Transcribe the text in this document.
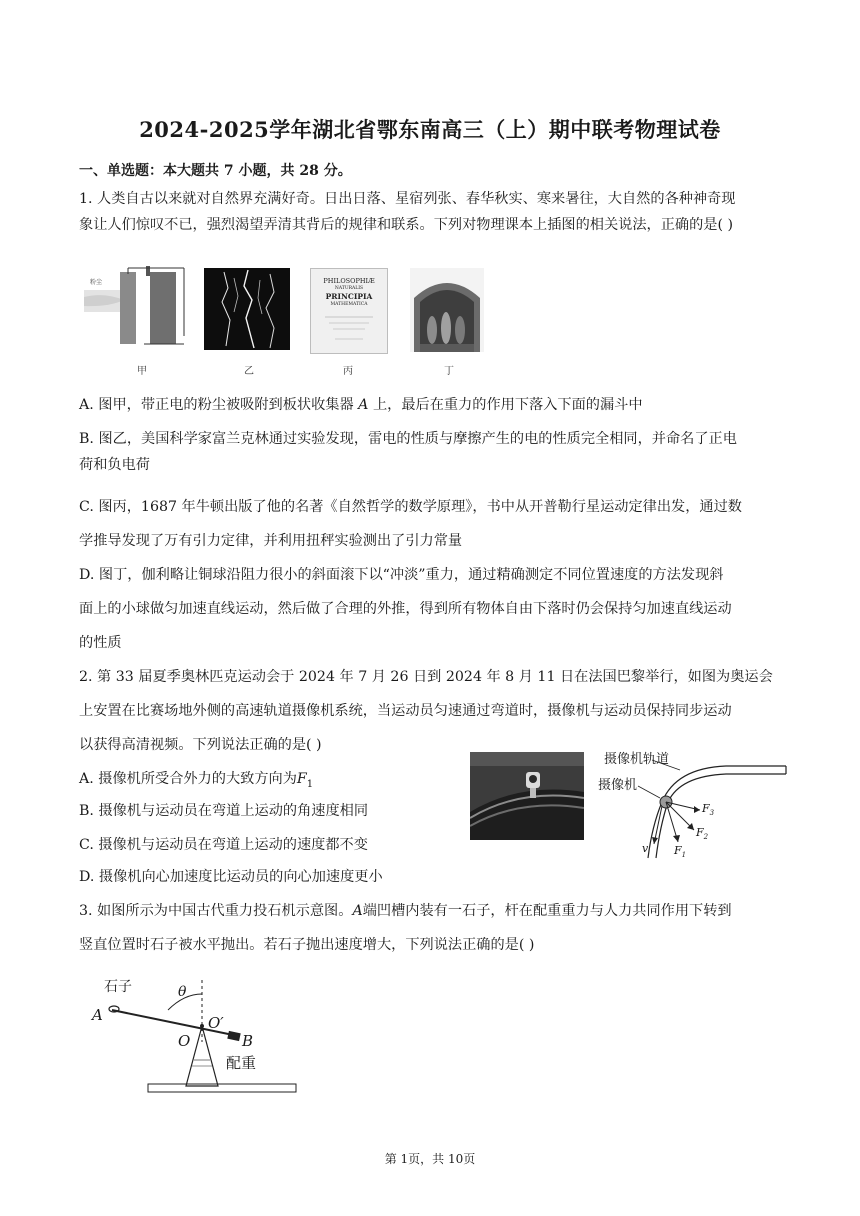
2024-2025学年湖北省鄂东南高三（上）期中联考物理试卷
一、单选题：本大题共 7 小题，共 28 分。
1. 人类自古以来就对自然界充满好奇。日出日落、星宿列张、春华秋实、寒来暑往，大自然的各种神奇现
象让人们惊叹不已，强烈渴望弄清其背后的规律和联系。下列对物理课本上插图的相关说法，正确的是( )
粉尘
甲	乙
PHILOSOPHIÆ
NATURALIS
PRINCIPIA
MATHEMATICA
丙	丁
A. 图甲，带正电的粉尘被吸附到板状收集器 A 上，最后在重力的作用下落入下面的漏斗中
B. 图乙，美国科学家富兰克林通过实验发现，雷电的性质与摩擦产生的电的性质完全相同，并命名了正电
荷和负电荷
C. 图丙，1687 年牛顿出版了他的名著《自然哲学的数学原理》，书中从开普勒行星运动定律出发，通过数
学推导发现了万有引力定律，并利用扭秤实验测出了引力常量
D. 图丁，伽利略让铜球沿阻力很小的斜面滚下以“冲淡”重力，通过精确测定不同位置速度的方法发现斜
面上的小球做匀加速直线运动，然后做了合理的外推，得到所有物体自由下落时仍会保持匀加速直线运动
的性质
2. 第 33 届夏季奥林匹克运动会于 2024 年 7 月 26 日到 2024 年 8 月 11 日在法国巴黎举行，如图为奥运会
上安置在比赛场地外侧的高速轨道摄像机系统，当运动员匀速通过弯道时，摄像机与运动员保持同步运动
以获得高清视频。下列说法正确的是( )
A. 摄像机所受合外力的大致方向为$F_1$
B. 摄像机与运动员在弯道上运动的角速度相同
C. 摄像机与运动员在弯道上运动的速度都不变
D. 摄像机向心加速度比运动员的向心加速度更小
摄像机轨道
摄像机
$F_3$
$F_2$
$F_1$
v
3. 如图所示为中国古代重力投石机示意图。A端凹槽内装有一石子，杆在配重重力与人力共同作用下转到
竖直位置时石子被水平抛出。若石子抛出速度增大，下列说法正确的是( )
石子
A
θ
O′
O	B
配重
第 1页，共 10页
